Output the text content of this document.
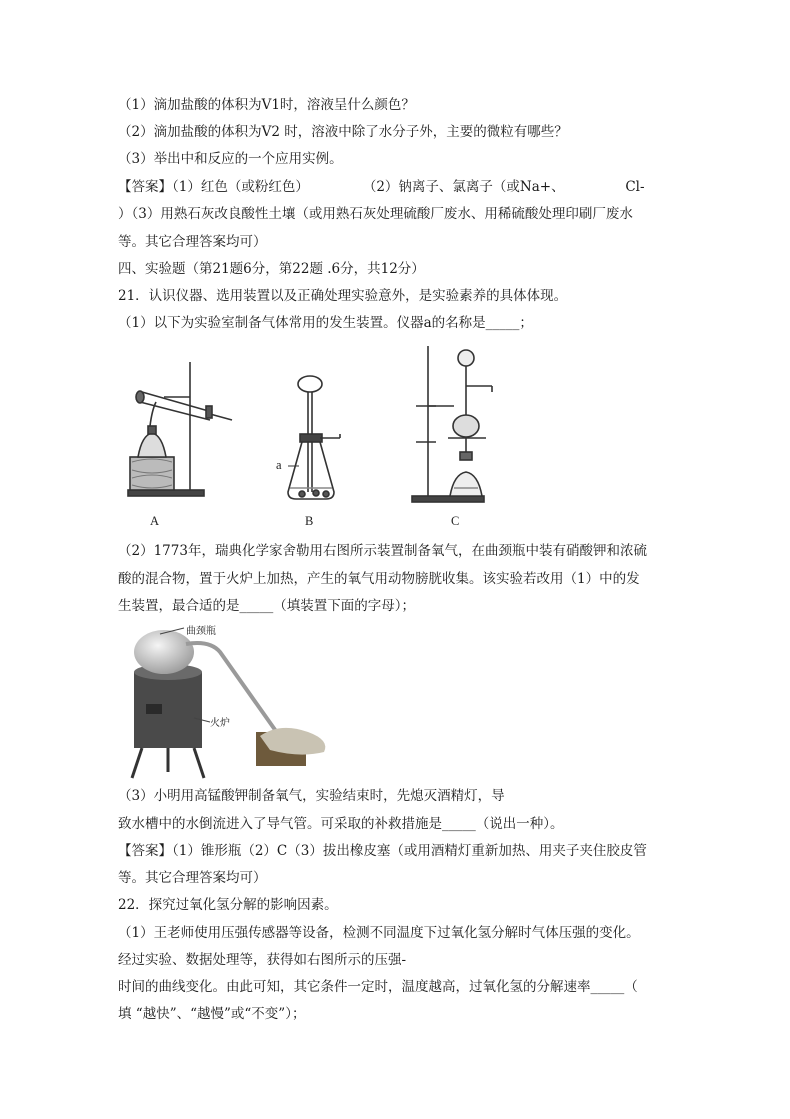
（1）滴加盐酸的体积为V1时，溶液呈什么颜色？
（2）滴加盐酸的体积为V2 时，溶液中除了水分子外，主要的微粒有哪些？
（3）举出中和反应的一个应用实例。
【答案】（1）红色（或粉红色）　　　　　（2）钠离子、氯离子（或Na+、　　　　　Cl-
）（3）用熟石灰改良酸性土壤（或用熟石灰处理硫酸厂废水、用稀硫酸处理印刷厂废水
等。其它合理答案均可）
四、实验题（第21题6分，第22题 .6分，共12分）
21．认识仪器、选用装置以及正确处理实验意外，是实验素养的具体体现。
（1）以下为实验室制备气体常用的发生装置。仪器a的名称是_____；
a
A	B	C
（2）1773年，瑞典化学家舍勒用右图所示装置制备氧气，在曲颈瓶中装有硝酸钾和浓硫
酸的混合物，置于火炉上加热，产生的氧气用动物膀胱收集。该实验若改用（1）中的发
生装置，最合适的是_____（填装置下面的字母）；
曲颈瓶
火炉
（3）小明用高锰酸钾制备氧气，实验结束时，先熄灭酒精灯，导
致水槽中的水倒流进入了导气管。可采取的补救措施是_____（说出一种）。
【答案】（1）锥形瓶（2）C（3）拔出橡皮塞（或用酒精灯重新加热、用夹子夹住胶皮管
等。其它合理答案均可）
22．探究过氧化氢分解的影响因素。
（1）王老师使用压强传感器等设备，检测不同温度下过氧化氢分解时气体压强的变化。
经过实验、数据处理等，获得如右图所示的压强-
时间的曲线变化。由此可知，其它条件一定时，温度越高，过氧化氢的分解速率_____（
填 “越快”、“越慢”或“不变”）；
